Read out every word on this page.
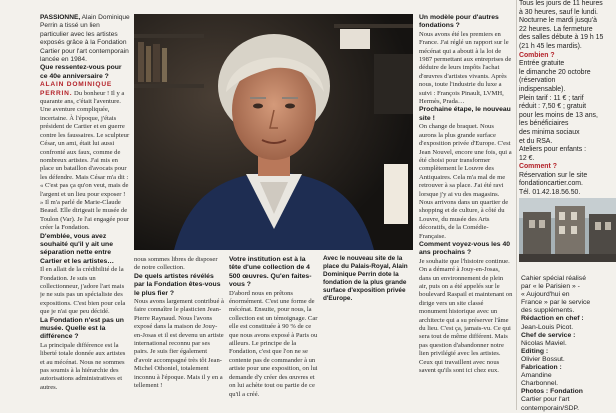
PASSIONNÉ, Alain Dominique Perrin a tissé un lien particulier avec les artistes exposés grâce à la Fondation Cartier pour l'art contemporain lancée en 1984.

Que ressentez-vous pour ce 40e anniversaire ?

ALAIN DOMINIQUE PERRIN. Du bonheur ! Il y a quarante ans, c'était l'aventure. Une aventure compliquée, incertaine. À l'époque, j'étais président de Cartier et en guerre contre les faussaires. Le sculpteur César, un ami, était lui aussi confronté aux faux, comme de nombreux artistes. J'ai mis en place un bataillon d'avocats pour les défendre. Mais César m'a dit : « C'est pas ça qu'on veut, mais de l'argent et un lieu pour exposer ! » Il m'a parlé de Marie-Claude Beaud. Elle dirigeait le musée de Toulon (Var). Je l'ai engagée pour créer la Fondation.

D'emblée, vous avez souhaité qu'il y ait une séparation nette entre Cartier et les artistes…

Il en allait de la crédibilité de la Fondation. Je suis un collectionneur, j'adore l'art mais je ne suis pas un spécialiste des expositions. C'est bien pour cela que je n'ai que peu décidé.

La Fondation n'est pas un musée. Quelle est la différence ?

La principale différence est la liberté totale donnée aux artistes et au mécénat. Nous ne sommes pas soumis à la hiérarchie des autorisations administratives et autres.

Avec le nouveau site de la place du Palais-Royal, Alain Dominique Perrin dote la fondation de la plus grande surface d'exposition privée d'Europe.

nous sommes libres de disposer de notre collection.

De quels artistes révélés par la Fondation êtes-vous le plus fier ?

Nous avons largement contribué à faire connaître le plasticien Jean-Pierre Raynaud. Nous l'avons exposé dans la maison de Jouy-en-Josas et il est devenu un artiste international reconnu par ses pairs. Je suis fier également d'avoir accompagné très tôt Jean-Michel Othoniel, totalement inconnu à l'époque. Mais il y en a tellement !

Votre institution est à la tête d'une collection de 4 500 œuvres. Qu'en faites-vous ?

D'abord nous en prêtons énormément. C'est une forme de mécénat. Ensuite, pour nous, la collection est un témoignage. Car elle est constituée à 90 % de ce que nous avons exposé à Paris ou ailleurs. Le principe de la Fondation, c'est que l'on ne se contente pas de commander à un artiste pour une exposition, on lui demande d'y créer des œuvres et on lui achète tout ou partie de ce qu'il a créé.

Un modèle pour d'autres fondations ?

Nous avons été les premiers en France. J'ai réglé un rapport sur le mécénat qui a abouti à la loi de 1987 permettant aux entreprises de déduire de leurs impôts l'achat d'œuvres d'artistes vivants. Après nous, toute l'industrie du luxe a suivi : François Pinault, LVMH, Hermès, Prada…

Prochaine étape, le nouveau site !

On change de braquet. Nous aurons la plus grande surface d'exposition privée d'Europe. C'est Jean Nouvel, encore une fois, qui a été choisi pour transformer complètement le Louvre des Antiquaires. Cela m'a mal de me retrouver à sa place. J'ai été ravi lorsque j'y ai vu des magasins. Nous arrivons dans un quartier de shopping et de culture, à côté du Louvre, du musée des Arts décoratifs, de la Comédie-Française.

Comment voyez-vous les 40 ans prochains ?

Je souhaite que l'histoire continue. On a démarré à Jouy-en-Josas, dans un environnement de plein air, puis on a été appelés sur le boulevard Raspail et maintenant on dirige vers un site classé monument historique avec un architecte qui a su préserver l'âme du lieu. C'est ça, jamais-vu. Ce qui sera tout de même différent. Mais pas question d'abandonner notre lien privilégié avec les artistes. Ceux qui travaillent avec nous savent qu'ils sont ici chez eux.

Tous les jours de 11 heures
à 30 heures, sauf le lundi.
Nocturne le mardi jusqu'à
22 heures. La fermeture
des salles débute à 19 h 15
(21 h 45 les mardis).
Combien ?
Entrée gratuite
le dimanche 20 octobre
(réservation
indispensable).
Plein tarif : 11 € ; tarif
réduit : 7,50 € ; gratuit
pour les moins de 13 ans,
les bénéficiaires
des minima sociaux
et du RSA.
Ateliers pour enfants :
12 €.
Comment ?
Réservation sur le site
fondationcartier.com.
Tél. 01.42.18.56.50.
Cahier spécial réalisé
par « le Parisien » -
« Aujourd'hui en
France » par le service
des suppléments.
Rédaction en chef :
Jean-Louis Picot.
Chef de service :
Nicolas Maviel.
Editing :
Olivier Bossut.
Fabrication :
Amandine
Charbonnel.
Photos : Fondation
Cartier pour l'art
contemporain/SDP.
